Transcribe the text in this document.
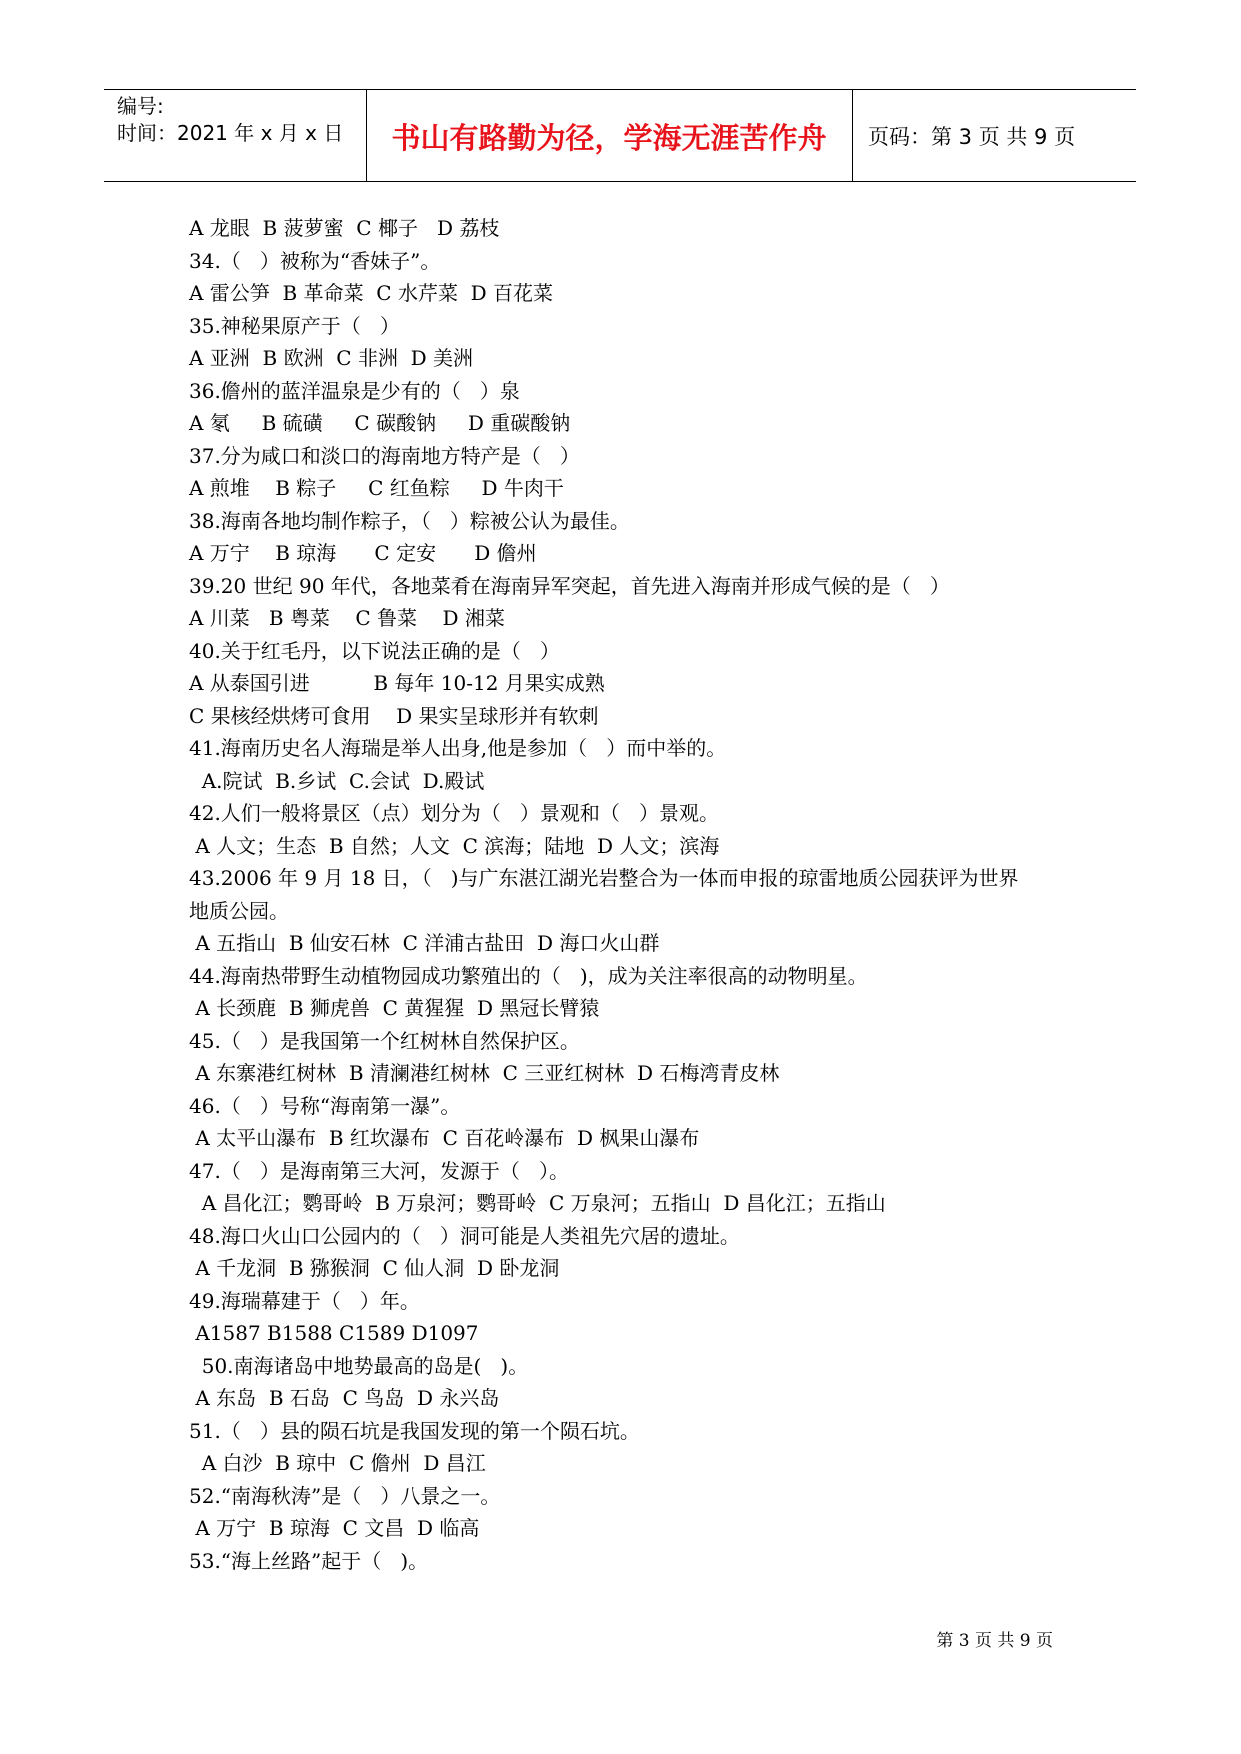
编号:
时间：2021 年 x 月 x 日	书山有路勤为径，学海无涯苦作舟	页码：第 3 页 共 9 页
A 龙眼  B 菠萝蜜  C 椰子   D 荔枝
34.（   ）被称为“香妹子”。
A 雷公笋  B 革命菜  C 水芹菜  D 百花菜
35.神秘果原产于（   ）
A 亚洲  B 欧洲  C 非洲  D 美洲
36.儋州的蓝洋温泉是少有的（   ）泉
A 氡     B 硫磺     C 碳酸钠     D 重碳酸钠
37.分为咸口和淡口的海南地方特产是（   ）
A 煎堆    B 粽子     C 红鱼粽     D 牛肉干
38.海南各地均制作粽子，（   ）粽被公认为最佳。
A 万宁    B 琼海      C 定安      D 儋州
39.20 世纪 90 年代，各地菜肴在海南异军突起，首先进入海南并形成气候的是（   ）
A 川菜   B 粤菜    C 鲁菜    D 湘菜
40.关于红毛丹，以下说法正确的是（   ）
A 从泰国引进          B 每年 10-12 月果实成熟
C 果核经烘烤可食用    D 果实呈球形并有软刺
41.海南历史名人海瑞是举人出身,他是参加（   ）而中举的。
A.院试  B.乡试  C.会试  D.殿试
42.人们一般将景区（点）划分为（   ）景观和（   ）景观。
A 人文；生态  B 自然；人文  C 滨海；陆地  D 人文；滨海
43.2006 年 9 月 18 日，（   )与广东湛江湖光岩整合为一体而申报的琼雷地质公园获评为世界
地质公园。
A 五指山  B 仙安石林  C 洋浦古盐田  D 海口火山群
44.海南热带野生动植物园成功繁殖出的（   )，成为关注率很高的动物明星。
A 长颈鹿  B 狮虎兽  C 黄猩猩  D 黑冠长臂猿
45.（   ）是我国第一个红树林自然保护区。
A 东寨港红树林  B 清澜港红树林  C 三亚红树林  D 石梅湾青皮林
46.（   ）号称“海南第一瀑”。
A 太平山瀑布  B 红坎瀑布  C 百花岭瀑布  D 枫果山瀑布
47.（   ）是海南第三大河，发源于（   ）。
A 昌化江；鹦哥岭  B 万泉河；鹦哥岭  C 万泉河；五指山  D 昌化江；五指山
48.海口火山口公园内的（   ）洞可能是人类祖先穴居的遗址。
A 千龙洞  B 猕猴洞  C 仙人洞  D 卧龙洞
49.海瑞幕建于（   ）年。
A1587 B1588 C1589 D1097
50.南海诸岛中地势最高的岛是(   )。
A 东岛  B 石岛  C 鸟岛  D 永兴岛
51.（   ）县的陨石坑是我国发现的第一个陨石坑。
A 白沙  B 琼中  C 儋州  D 昌江
52.“南海秋涛”是（   ）八景之一。
A 万宁  B 琼海  C 文昌  D 临高
53.“海上丝路”起于（   )。
第 3 页 共 9 页
